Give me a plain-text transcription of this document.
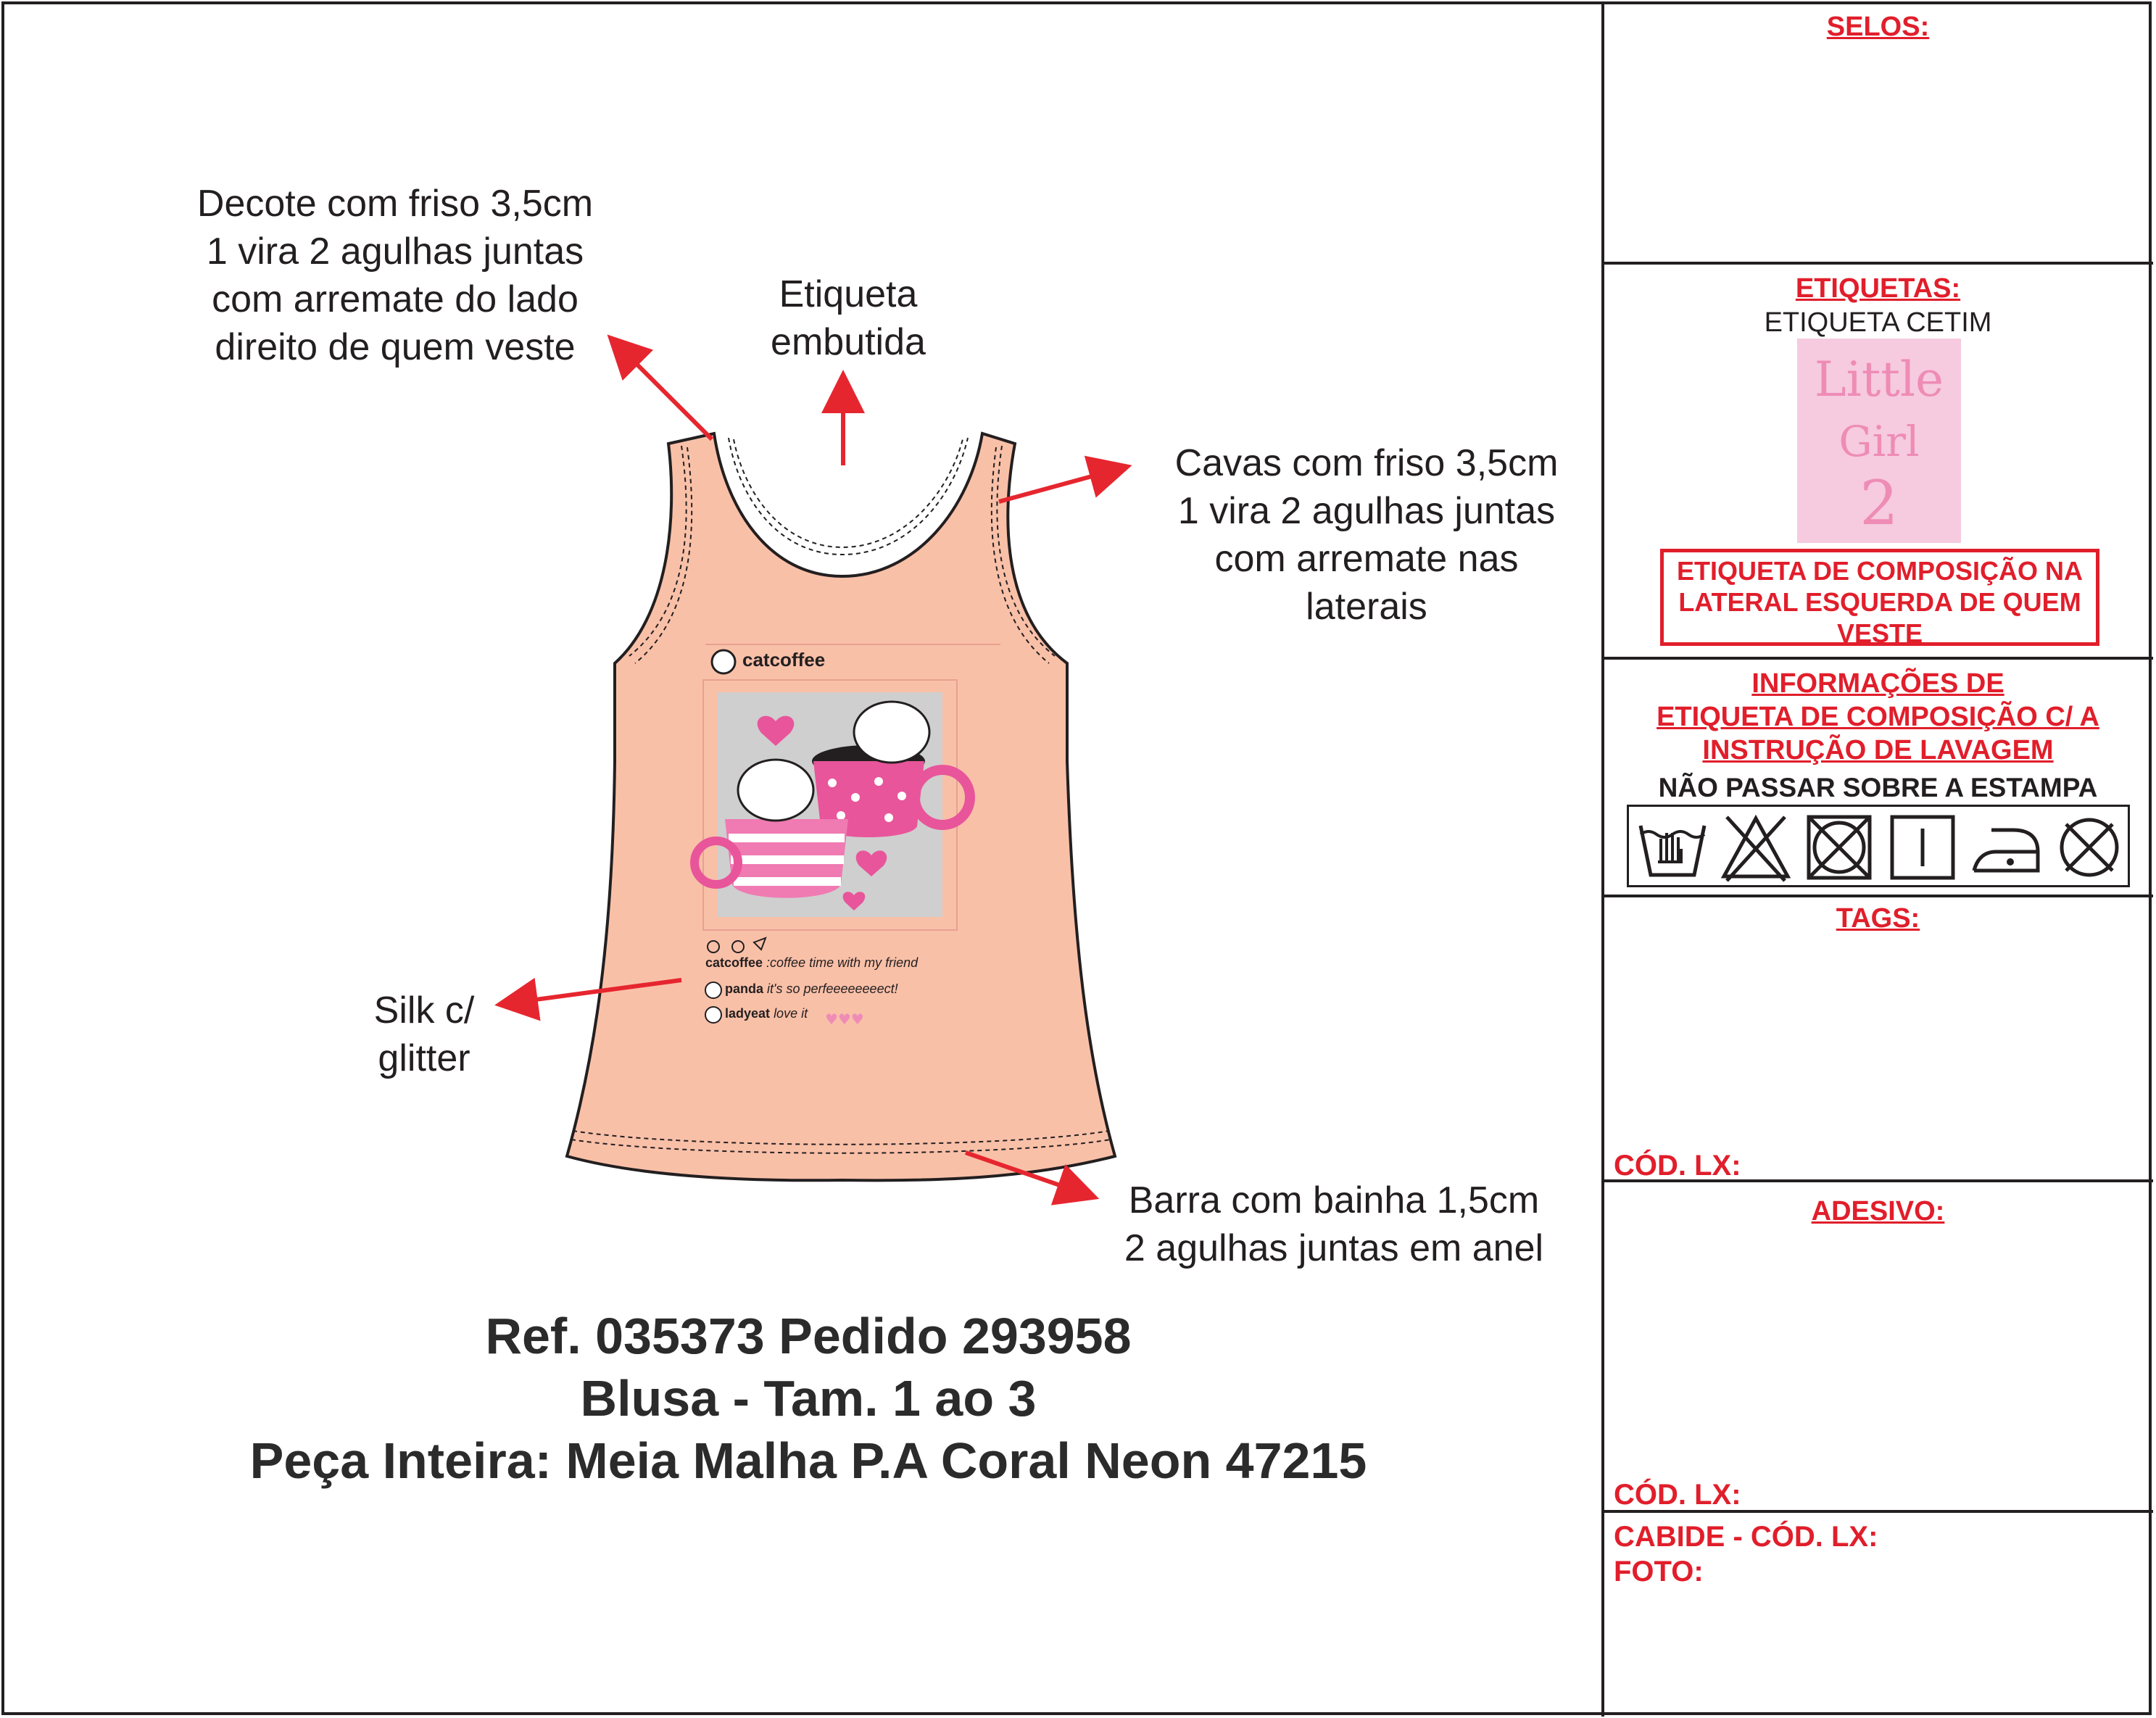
♥♥♥
catcoffee
catcoffee :coffee time with my friend
panda it's so perfeeeeeeeect!
ladyeat love it
Decote com friso 3,5cm
1 vira 2 agulhas juntas
com arremate do lado
direito de quem veste
Etiqueta
embutida
Cavas com friso 3,5cm
1 vira 2 agulhas juntas
com arremate nas
laterais
Silk c/
glitter
Barra com bainha 1,5cm
2 agulhas juntas em anel
Ref. 035373 Pedido 293958
Blusa - Tam. 1 ao 3
Peça Inteira: Meia Malha P.A Coral Neon 47215
SELOS:
ETIQUETAS:
ETIQUETA CETIM
Little
Girl
2
ETIQUETA DE COMPOSIÇÃO NA
LATERAL ESQUERDA DE QUEM
VESTE
INFORMAÇÕES DE
ETIQUETA DE COMPOSIÇÃO C/ A
INSTRUÇÃO DE LAVAGEM
NÃO PASSAR SOBRE A ESTAMPA
TAGS:
CÓD. LX:
ADESIVO:
CÓD. LX:
CABIDE - CÓD. LX:
FOTO:
